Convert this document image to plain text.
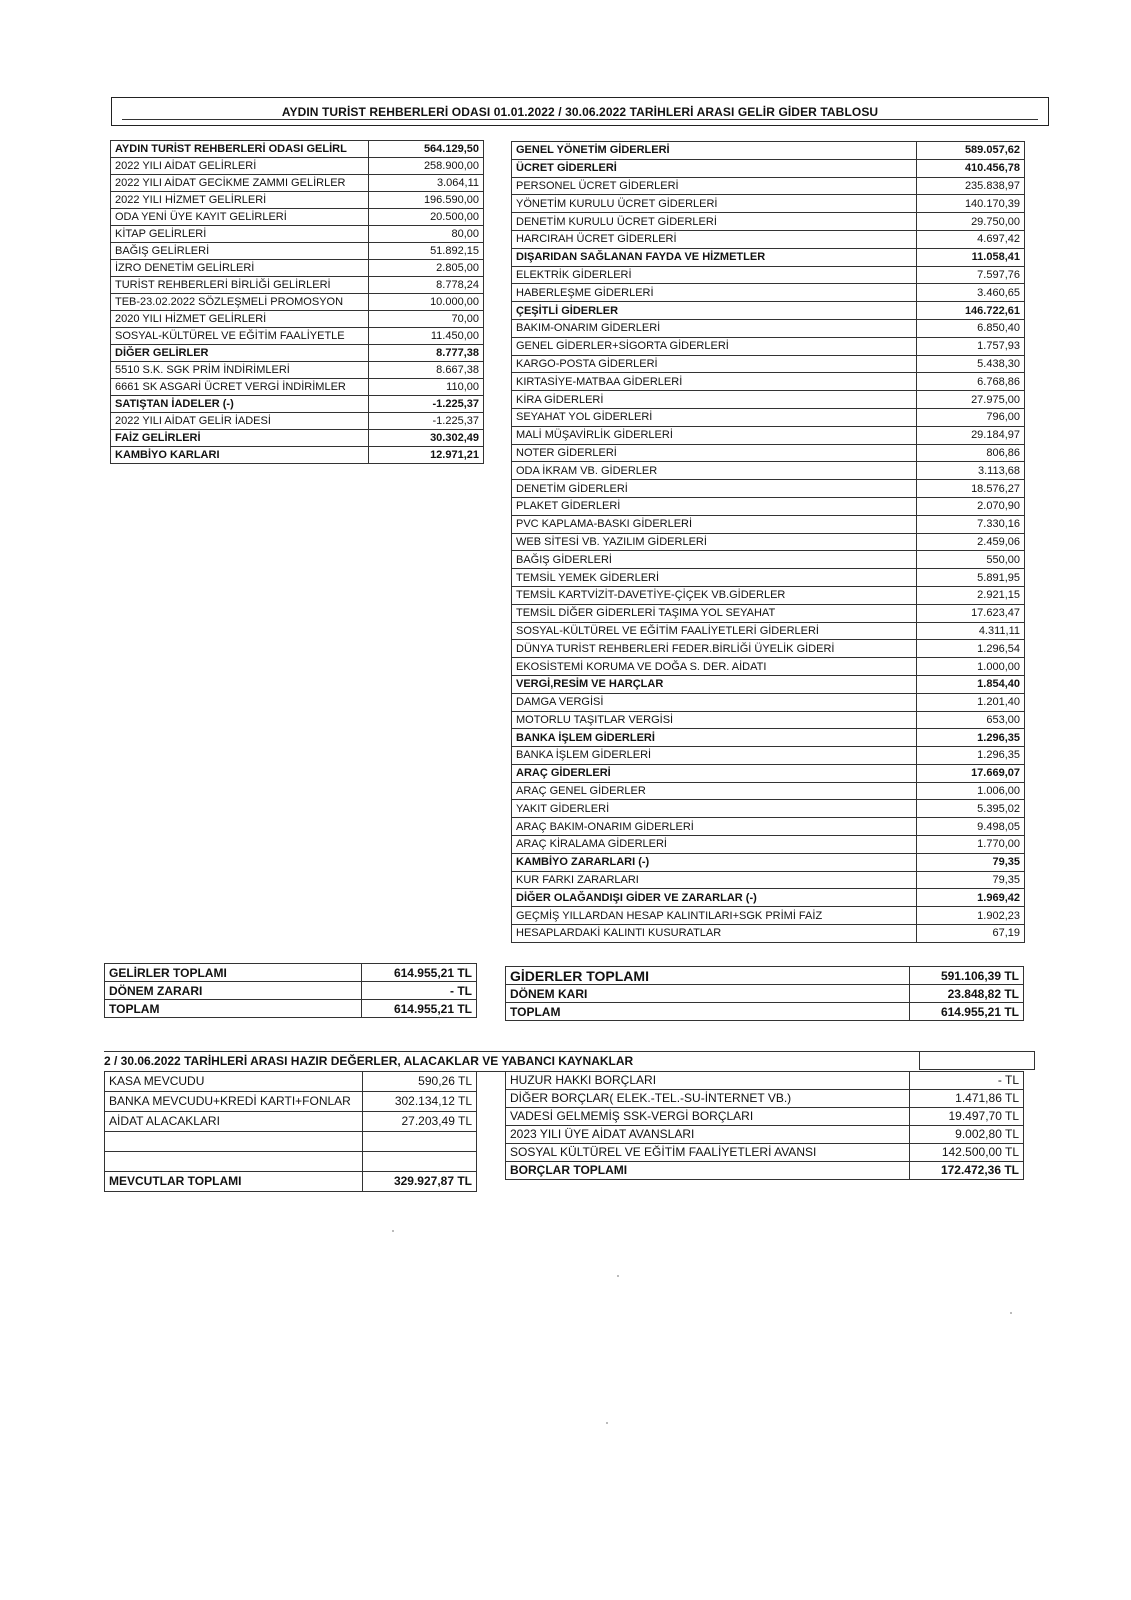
AYDIN TURİST REHBERLERİ ODASI 01.01.2022 / 30.06.2022 TARİHLERİ ARASI GELİR GİDER TABLOSU
AYDIN TURİST REHBERLERİ ODASI GELİRL	564.129,50
2022 YILI AİDAT GELİRLERİ	258.900,00
2022 YILI AİDAT GECİKME ZAMMI GELİRLER	3.064,11
2022 YILI HİZMET GELİRLERİ	196.590,00
ODA YENİ ÜYE KAYIT GELİRLERİ	20.500,00
KİTAP GELİRLERİ	80,00
BAĞIŞ GELİRLERİ	51.892,15
İZRO DENETİM GELİRLERİ	2.805,00
TURİST REHBERLERİ BİRLİĞİ GELİRLERİ	8.778,24
TEB-23.02.2022 SÖZLEŞMELİ PROMOSYON	10.000,00
2020 YILI HİZMET GELİRLERİ	70,00
SOSYAL-KÜLTÜREL VE EĞİTİM FAALİYETLE	11.450,00
DİĞER GELİRLER	8.777,38
5510 S.K. SGK PRİM İNDİRİMLERİ	8.667,38
6661 SK ASGARİ ÜCRET VERGİ İNDİRİMLER	110,00
SATIŞTAN İADELER (-)	-1.225,37
2022 YILI AİDAT GELİR İADESİ	-1.225,37
FAİZ GELİRLERİ	30.302,49
KAMBİYO KARLARI	12.971,21
GENEL YÖNETİM GİDERLERİ	589.057,62
ÜCRET GİDERLERİ	410.456,78
PERSONEL ÜCRET GİDERLERİ	235.838,97
YÖNETİM KURULU ÜCRET GİDERLERİ	140.170,39
DENETİM KURULU ÜCRET GİDERLERİ	29.750,00
HARCIRAH ÜCRET GİDERLERİ	4.697,42
DIŞARIDAN SAĞLANAN FAYDA VE HİZMETLER	11.058,41
ELEKTRİK GİDERLERİ	7.597,76
HABERLEŞME GİDERLERİ	3.460,65
ÇEŞİTLİ GİDERLER	146.722,61
BAKIM-ONARIM GİDERLERİ	6.850,40
GENEL GİDERLER+SİGORTA GİDERLERİ	1.757,93
KARGO-POSTA GİDERLERİ	5.438,30
KIRTASİYE-MATBAA GİDERLERİ	6.768,86
KİRA GİDERLERİ	27.975,00
SEYAHAT YOL GİDERLERİ	796,00
MALİ MÜŞAVİRLİK GİDERLERİ	29.184,97
NOTER GİDERLERİ	806,86
ODA İKRAM VB. GİDERLER	3.113,68
DENETİM GİDERLERİ	18.576,27
PLAKET GİDERLERİ	2.070,90
PVC KAPLAMA-BASKI GİDERLERİ	7.330,16
WEB SİTESİ VB. YAZILIM GİDERLERİ	2.459,06
BAĞIŞ GİDERLERİ	550,00
TEMSİL YEMEK GİDERLERİ	5.891,95
TEMSİL KARTVİZİT-DAVETİYE-ÇİÇEK VB.GİDERLER	2.921,15
TEMSİL DİĞER GİDERLERİ TAŞIMA YOL SEYAHAT	17.623,47
SOSYAL-KÜLTÜREL VE EĞİTİM FAALİYETLERİ GİDERLERİ	4.311,11
DÜNYA TURİST REHBERLERİ FEDER.BİRLİĞİ ÜYELİK GİDERİ	1.296,54
EKOSİSTEMİ KORUMA VE DOĞA S. DER. AİDATI	1.000,00
VERGİ,RESİM VE HARÇLAR	1.854,40
DAMGA VERGİSİ	1.201,40
MOTORLU TAŞITLAR VERGİSİ	653,00
BANKA İŞLEM GİDERLERİ	1.296,35
BANKA İŞLEM GİDERLERİ	1.296,35
ARAÇ GİDERLERİ	17.669,07
ARAÇ GENEL GİDERLER	1.006,00
YAKIT GİDERLERİ	5.395,02
ARAÇ BAKIM-ONARIM GİDERLERİ	9.498,05
ARAÇ KİRALAMA GİDERLERİ	1.770,00
KAMBİYO ZARARLARI (-)	79,35
KUR FARKI ZARARLARI	79,35
DİĞER OLAĞANDIŞI GİDER VE ZARARLAR (-)	1.969,42
GEÇMİŞ YILLARDAN HESAP KALINTILARI+SGK PRİMİ FAİZ	1.902,23
HESAPLARDAKİ KALINTI KUSURATLAR	67,19
GELİRLER TOPLAMI	614.955,21 TL
DÖNEM ZARARI	- TL
TOPLAM	614.955,21 TL
GİDERLER TOPLAMI	591.106,39 TL
DÖNEM KARI	23.848,82 TL
TOPLAM	614.955,21 TL
2 / 30.06.2022 TARİHLERİ ARASI HAZIR DEĞERLER, ALACAKLAR VE YABANCI KAYNAKLAR
KASA MEVCUDU	590,26 TL
BANKA MEVCUDU+KREDİ KARTI+FONLAR	302.134,12 TL
AİDAT ALACAKLARI	27.203,49 TL

MEVCUTLAR TOPLAMI	329.927,87 TL
HUZUR HAKKI BORÇLARI	- TL
DİĞER BORÇLAR( ELEK.-TEL.-SU-İNTERNET VB.)	1.471,86 TL
VADESİ GELMEMİŞ SSK-VERGİ BORÇLARI	19.497,70 TL
2023 YILI ÜYE AİDAT AVANSLARI	9.002,80 TL
SOSYAL KÜLTÜREL VE EĞİTİM FAALİYETLERİ AVANSI	142.500,00 TL
BORÇLAR TOPLAMI	172.472,36 TL
